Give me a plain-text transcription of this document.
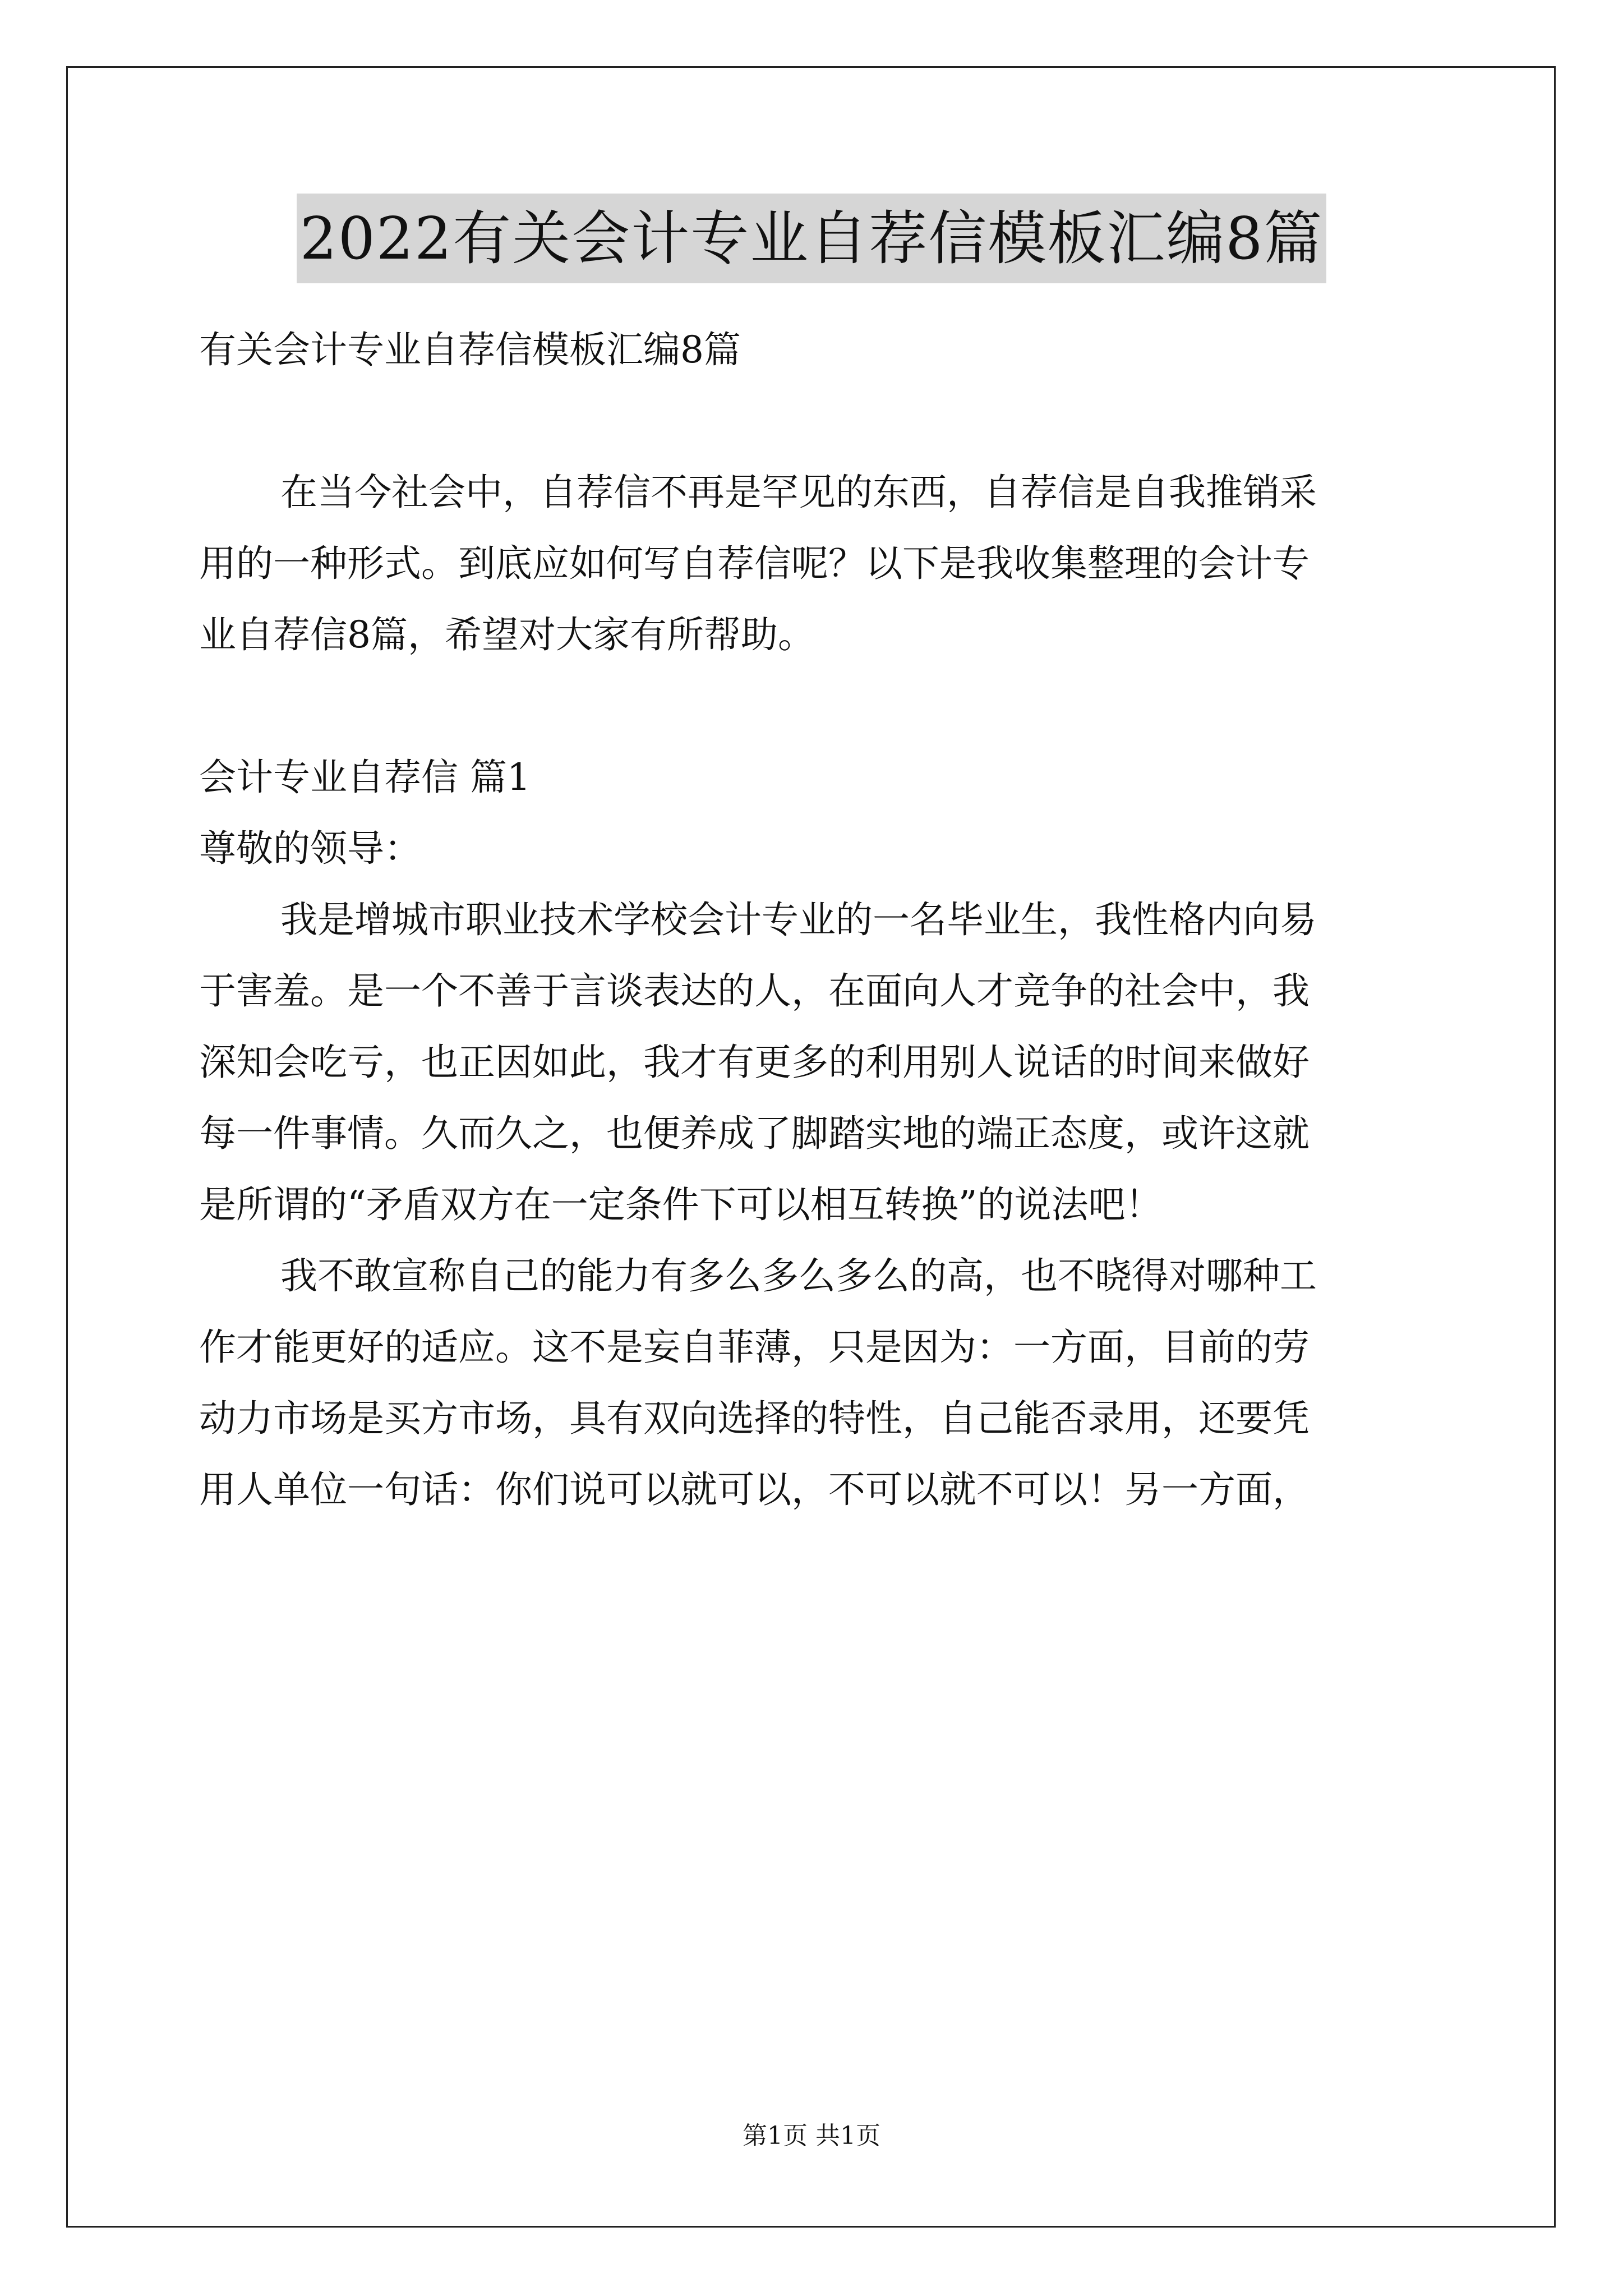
2022有关会计专业自荐信模板汇编8篇
有关会计专业自荐信模板汇编8篇
在当今社会中，自荐信不再是罕见的东西，自荐信是自我推销采
用的一种形式。到底应如何写自荐信呢？以下是我收集整理的会计专
业自荐信8篇，希望对大家有所帮助。
会计专业自荐信 篇1
尊敬的领导：
我是增城市职业技术学校会计专业的一名毕业生，我性格内向易
于害羞。是一个不善于言谈表达的人，在面向人才竞争的社会中，我
深知会吃亏，也正因如此，我才有更多的利用别人说话的时间来做好
每一件事情。久而久之，也便养成了脚踏实地的端正态度，或许这就
是所谓的“矛盾双方在一定条件下可以相互转换”的说法吧！
我不敢宣称自己的能力有多么多么多么的高，也不晓得对哪种工
作才能更好的适应。这不是妄自菲薄，只是因为：一方面，目前的劳
动力市场是买方市场，具有双向选择的特性，自己能否录用，还要凭
用人单位一句话：你们说可以就可以，不可以就不可以！另一方面，
第1页 共1页
